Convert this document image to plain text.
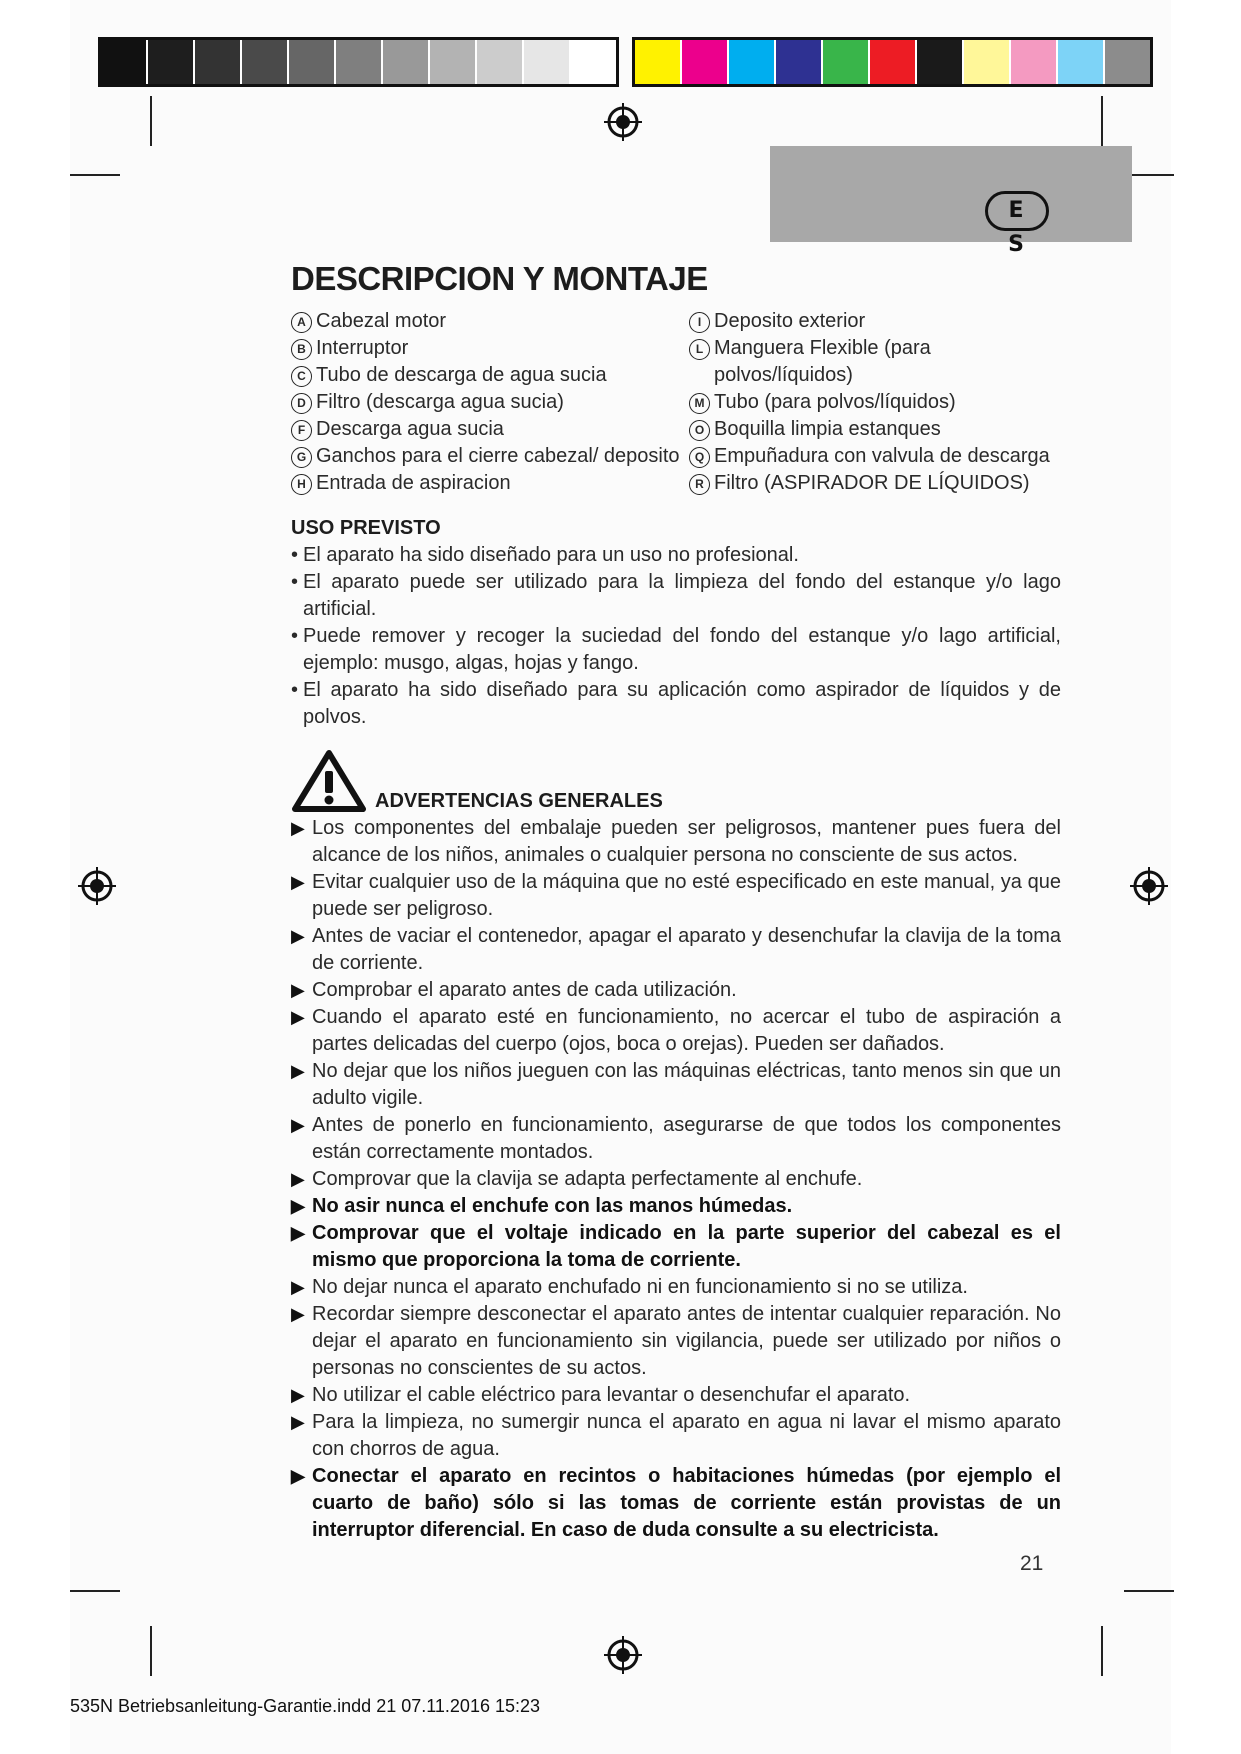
E S
DESCRIPCION Y MONTAJE
A Cabezal motor
B Interruptor
C Tubo de descarga de agua sucia
D Filtro (descarga agua sucia)
F Descarga agua sucia
G Ganchos para el cierre cabezal/ deposito
H Entrada de aspiracion
I Deposito exterior
L Manguera Flexible (para polvos/líquidos)
M Tubo (para polvos/líquidos)
O Boquilla limpia estanques
Q Empuñadura con valvula de descarga
R Filtro (ASPIRADOR DE LÍQUIDOS)
USO PREVISTO
• El aparato ha sido diseñado para un uso no profesional.
• El aparato puede ser utilizado para la limpieza del fondo del estanque y/o lago artificial.
• Puede remover y recoger la suciedad del fondo del estanque y/o lago artificial, ejemplo: musgo, algas, hojas y fango.
• El aparato ha sido diseñado para su aplicación como aspirador de líquidos y de polvos.
ADVERTENCIAS GENERALES
▶ Los componentes del embalaje pueden ser peligrosos, mantener pues fuera del alcance de los niños, animales o cualquier persona no consciente de sus actos.
▶ Evitar cualquier uso de la máquina que no esté especificado en este manual, ya que puede ser peligroso.
▶ Antes de vaciar el contenedor, apagar el aparato y desenchufar la clavija de la toma de corriente.
▶ Comprobar el aparato antes de cada utilización.
▶ Cuando el aparato esté en funcionamiento, no acercar el tubo de aspiración a partes delicadas del cuerpo (ojos, boca o orejas). Pueden ser dañados.
▶ No dejar que los niños jueguen con las máquinas eléctricas, tanto menos sin que un adulto vigile.
▶ Antes de ponerlo en funcionamiento, asegurarse de que todos los componentes están correctamente montados.
▶ Comprovar que la clavija se adapta perfectamente al enchufe.
▶ No asir nunca el enchufe con las manos húmedas.
▶ Comprovar que el voltaje indicado en la parte superior del cabezal es el mismo que proporciona la toma de corriente.
▶ No dejar nunca el aparato enchufado ni en funcionamiento si no se utiliza.
▶ Recordar siempre desconectar el aparato antes de intentar cualquier reparación. No dejar el aparato en funcionamiento sin vigilancia, puede ser utilizado por niños o personas no conscientes de su actos.
▶ No utilizar el cable eléctrico para levantar o desenchufar el aparato.
▶ Para la limpieza, no sumergir nunca el aparato en agua ni lavar el mismo aparato con chorros de agua.
▶ Conectar el aparato en recintos o habitaciones húmedas (por ejemplo el cuarto de baño) sólo si las tomas de corriente están provistas de un interruptor diferencial. En caso de duda consulte a su electricista.
21
535N Betriebsanleitung-Garantie.indd 21 07.11.2016 15:23
